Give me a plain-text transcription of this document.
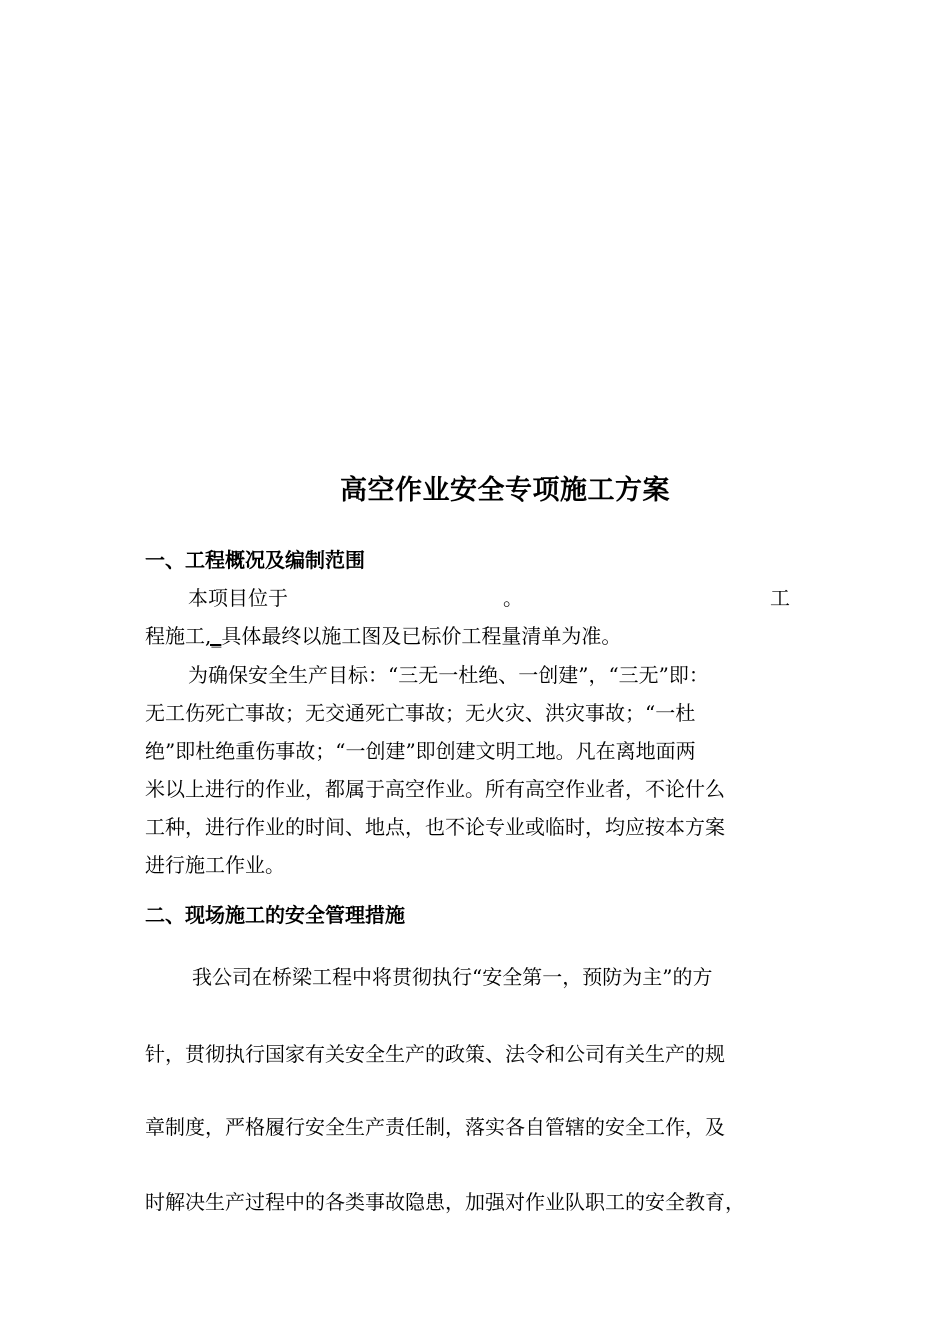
高空作业安全专项施工方案
一、工程概况及编制范围
本项目位于	。	工
程施工,_具体最终以施工图及已标价工程量清单为准。
为确保安全生产目标：“三无一杜绝、一创建”，“三无”即：
无工伤死亡事故；无交通死亡事故；无火灾、洪灾事故；“一杜
绝”即杜绝重伤事故；“一创建”即创建文明工地。凡在离地面两
米以上进行的作业，都属于高空作业。所有高空作业者，不论什么
工种，进行作业的时间、地点，也不论专业或临时，均应按本方案
进行施工作业。
二、现场施工的安全管理措施
我公司在桥梁工程中将贯彻执行“安全第一，预防为主”的方
针，贯彻执行国家有关安全生产的政策、法令和公司有关生产的规
章制度，严格履行安全生产责任制，落实各自管辖的安全工作，及
时解决生产过程中的各类事故隐患，加强对作业队职工的安全教育，
